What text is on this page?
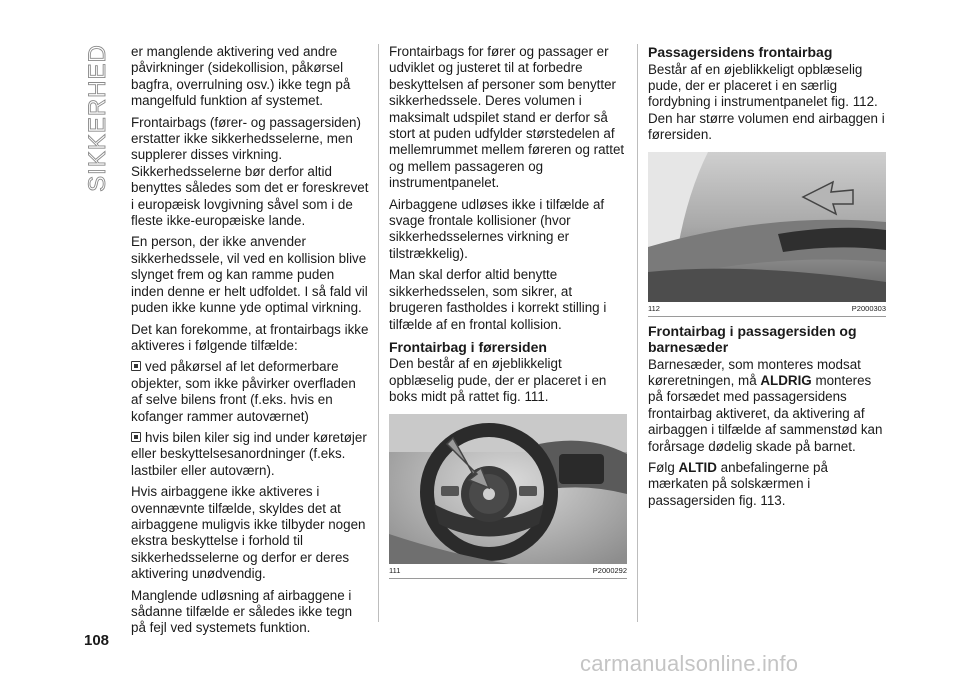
SIKKERHED er manglende aktivering ved andre påvirkninger (sidekollision, påkørsel bagfra, overrulning osv.) ikke tegn på mangelfuld funktion af systemet.

Frontairbags (fører- og passagersiden) erstatter ikke sikkerhedsselerne, men supplerer disses virkning. Sikkerhedsselerne bør derfor altid benyttes således som det er foreskrevet i europæisk lovgivning såvel som i de fleste ikke-europæiske lande.

En person, der ikke anvender sikkerhedssele, vil ved en kollision blive slynget frem og kan ramme puden inden denne er helt udfoldet. I så fald vil puden ikke kunne yde optimal virkning.

Det kan forekomme, at frontairbags ikke aktiveres i følgende tilfælde:

ved påkørsel af let deformerbare objekter, som ikke påvirker overfladen af selve bilens front (f.eks. hvis en kofanger rammer autoværnet)

hvis bilen kiler sig ind under køretøjer eller beskyttelsesanordninger (f.eks. lastbiler eller autoværn).

Hvis airbaggene ikke aktiveres i ovennævnte tilfælde, skyldes det at airbaggene muligvis ikke tilbyder nogen ekstra beskyttelse i forhold til sikkerhedsselerne og derfor er deres aktivering unødvendig.

Manglende udløsning af airbaggene i sådanne tilfælde er således ikke tegn på fejl ved systemets funktion.

Frontairbags for fører og passager er udviklet og justeret til at forbedre beskyttelsen af personer som benytter sikkerhedssele. Deres volumen i maksimalt udspilet stand er derfor så stort at puden udfylder størstedelen af mellemrummet mellem føreren og rattet og mellem passageren og instrumentpanelet.

Airbaggene udløses ikke i tilfælde af svage frontale kollisioner (hvor sikkerhedsselernes virkning er tilstrækkelig).

Man skal derfor altid benytte sikkerhedsselen, som sikrer, at brugeren fastholdes i korrekt stilling i tilfælde af en frontal kollision.

Frontairbag i førersiden

Den består af en øjeblikkeligt opblæselig pude, der er placeret i en boks midt på rattet fig. 111.

111	P2000292
Passagersidens frontairbag

Består af en øjeblikkeligt opblæselig pude, der er placeret i en særlig fordybning i instrumentpanelet fig. 112. Den har større volumen end airbaggen i førersiden.

112	P2000303
Frontairbag i passagersiden og barnesæder

Barnesæder, som monteres modsat køreretningen, må ALDRIG monteres på forsædet med passagersidens frontairbag aktiveret, da aktivering af airbaggen i tilfælde af sammenstød kan forårsage dødelig skade på barnet.

Følg ALTID anbefalingerne på mærkaten på solskærmen i passagersiden fig. 113.

108
carmanualsonline.info
